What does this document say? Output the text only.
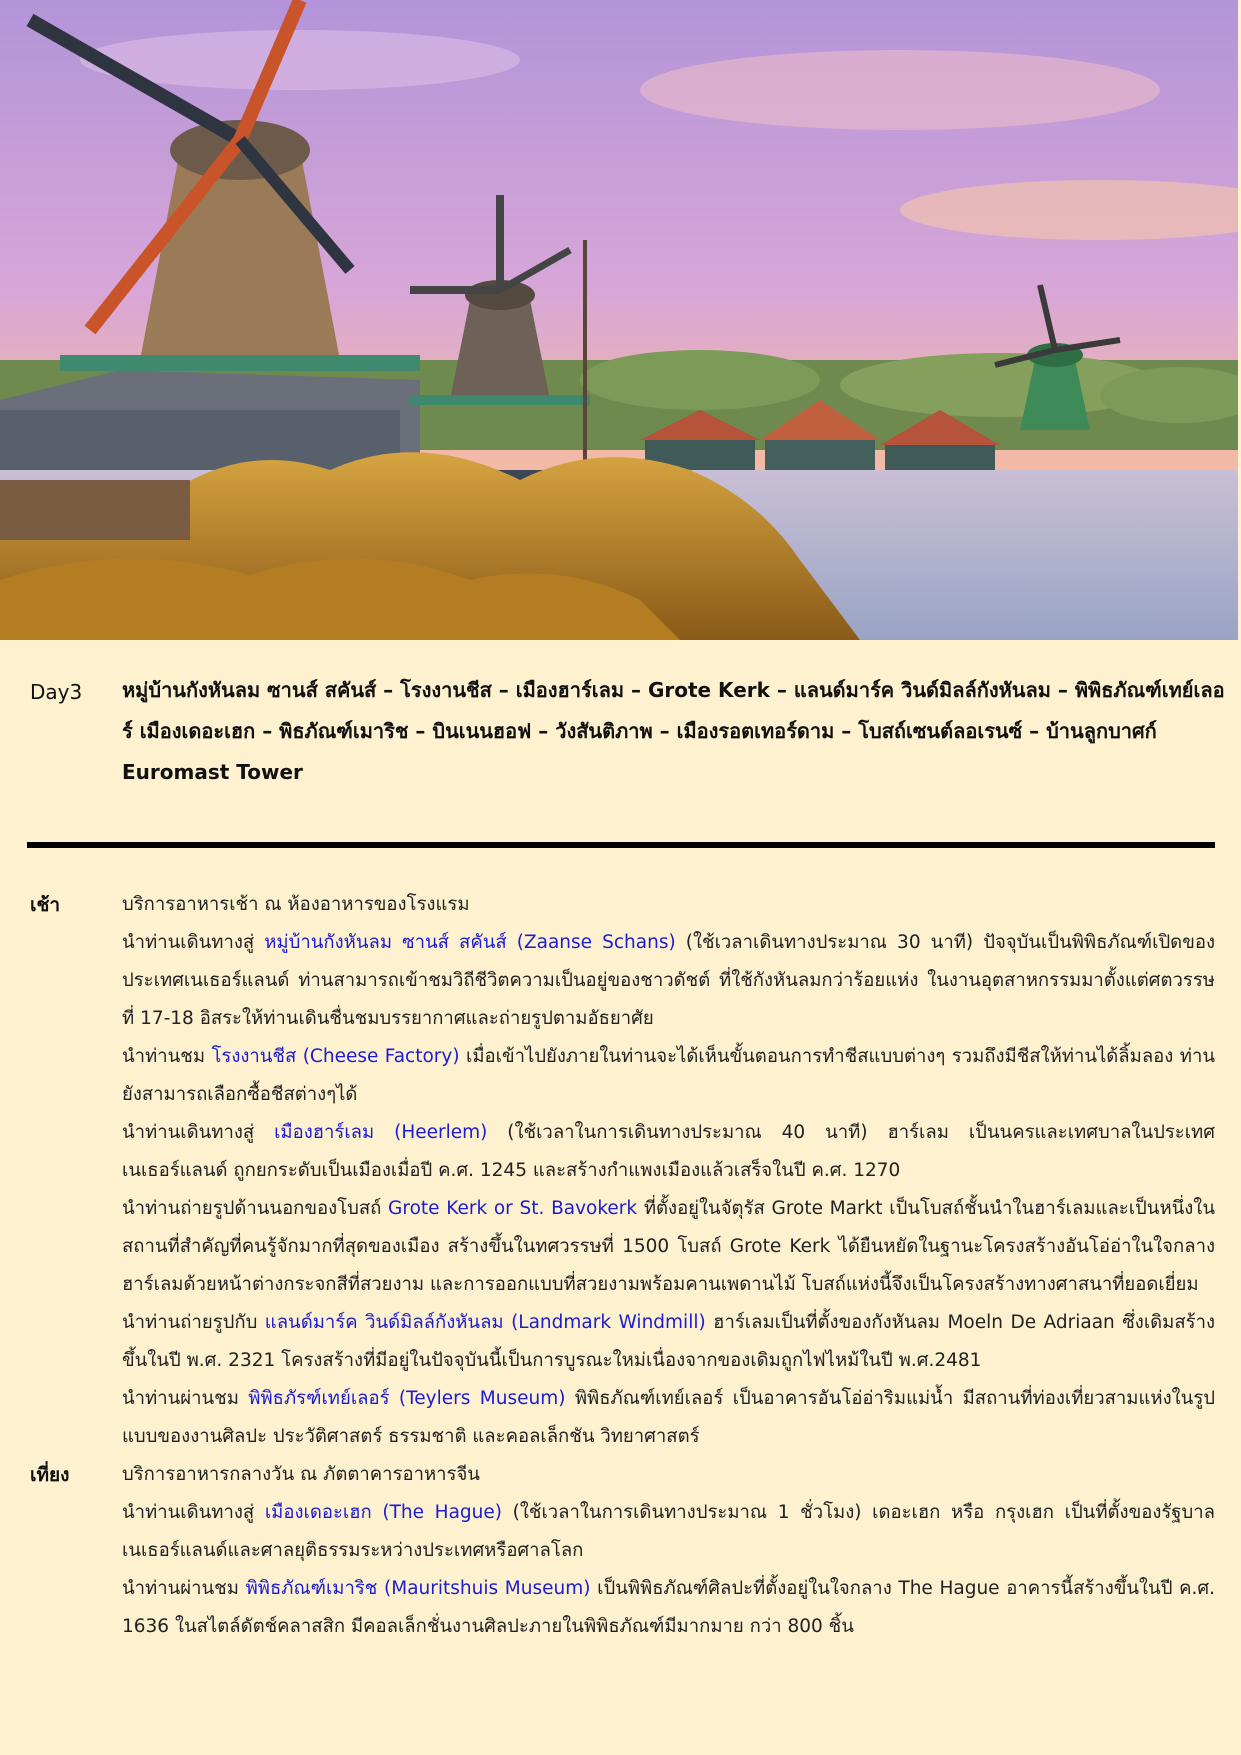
Day3 หมู่บ้านกังหันลม ซานส์ สคันส์ – โรงงานชีส – เมืองฮาร์เลม – Grote Kerk – แลนด์มาร์ค วินด์มิลล์กังหันลม – พิพิธภัณฑ์เทย์เลอร์ เมืองเดอะเฮก – พิธภัณฑ์เมาริช – บินเนนฮอฟ – วังสันติภาพ – เมืองรอตเทอร์ดาม – โบสถ์เซนต์ลอเรนซ์ – บ้านลูกบาศก์ Euromast Tower
เช้า	บริการอาหารเช้า ณ ห้องอาหารของโรงแรม

นำท่านเดินทางสู่ หมู่บ้านกังหันลม ซานส์ สคันส์ (Zaanse Schans) (ใช้เวลาเดินทางประมาณ 30 นาที) ปัจจุบันเป็นพิพิธภัณฑ์เปิดของประเทศเนเธอร์แลนด์ ท่านสามารถเข้าชมวิถีชีวิตความเป็นอยู่ของชาวดัชต์ ที่ใช้กังหันลมกว่าร้อยแห่ง ในงานอุตสาหกรรมมาตั้งแต่ศตวรรษที่ 17-18 อิสระให้ท่านเดินชื่นชมบรรยากาศและถ่ายรูปตามอัธยาศัย

นำท่านชม โรงงานชีส (Cheese Factory) เมื่อเข้าไปยังภายในท่านจะได้เห็นขั้นตอนการทำชีสแบบต่างๆ รวมถึงมีชีสให้ท่านได้ลิ้มลอง ท่านยังสามารถเลือกซื้อชีสต่างๆได้

นำท่านเดินทางสู่ เมืองฮาร์เลม (Heerlem) (ใช้เวลาในการเดินทางประมาณ 40 นาที) ฮาร์เลม เป็นนครและเทศบาลในประเทศเนเธอร์แลนด์ ถูกยกระดับเป็นเมืองเมื่อปี ค.ศ. 1245 และสร้างกำแพงเมืองแล้วเสร็จในปี ค.ศ. 1270

นำท่านถ่ายรูปด้านนอกของโบสถ์ Grote Kerk or St. Bavokerk ที่ตั้งอยู่ในจัตุรัส Grote Markt เป็นโบสถ์ชั้นนำในฮาร์เลมและเป็นหนึ่งในสถานที่สำคัญที่คนรู้จักมากที่สุดของเมือง สร้างขึ้นในทศวรรษที่ 1500 โบสถ์ Grote Kerk ได้ยืนหยัดในฐานะโครงสร้างอันโอ่อ่าในใจกลางฮาร์เลมด้วยหน้าต่างกระจกสีที่สวยงาม และการออกแบบที่สวยงามพร้อมคานเพดานไม้ โบสถ์แห่งนี้จึงเป็นโครงสร้างทางศาสนาที่ยอดเยี่ยม

นำท่านถ่ายรูปกับ แลนด์มาร์ค วินด์มิลล์กังหันลม (Landmark Windmill) ฮาร์เลมเป็นที่ตั้งของกังหันลม Moeln De Adriaan ซึ่งเดิมสร้างขึ้นในปี พ.ศ. 2321 โครงสร้างที่มีอยู่ในปัจจุบันนี้เป็นการบูรณะใหม่เนื่องจากของเดิมถูกไฟไหม้ในปี พ.ศ.2481

นำท่านผ่านชม พิพิธภัรฑ์เทย์เลอร์ (Teylers Museum) พิพิธภัณฑ์เทย์เลอร์ เป็นอาคารอันโอ่อ่าริมแม่น้ำ มีสถานที่ท่องเที่ยวสามแห่งในรูปแบบของงานศิลปะ ประวัติศาสตร์ ธรรมชาติ และคอลเล็กชัน วิทยาศาสตร์

เที่ยง	บริการอาหารกลางวัน ณ ภัตตาคารอาหารจีน

นำท่านเดินทางสู่ เมืองเดอะเฮก (The Hague) (ใช้เวลาในการเดินทางประมาณ 1 ชั่วโมง) เดอะเฮก หรือ กรุงเฮก เป็นที่ตั้งของรัฐบาลเนเธอร์แลนด์และศาลยุติธรรมระหว่างประเทศหรือศาลโลก

นำท่านผ่านชม พิพิธภัณฑ์เมาริช (Mauritshuis Museum) เป็นพิพิธภัณฑ์ศิลปะที่ตั้งอยู่ในใจกลาง The Hague อาคารนี้สร้างขึ้นในปี ค.ศ. 1636 ในสไตล์ดัตช์คลาสสิก มีคอลเล็กชั่นงานศิลปะภายในพิพิธภัณฑ์มีมากมาย กว่า 800 ชิ้น
